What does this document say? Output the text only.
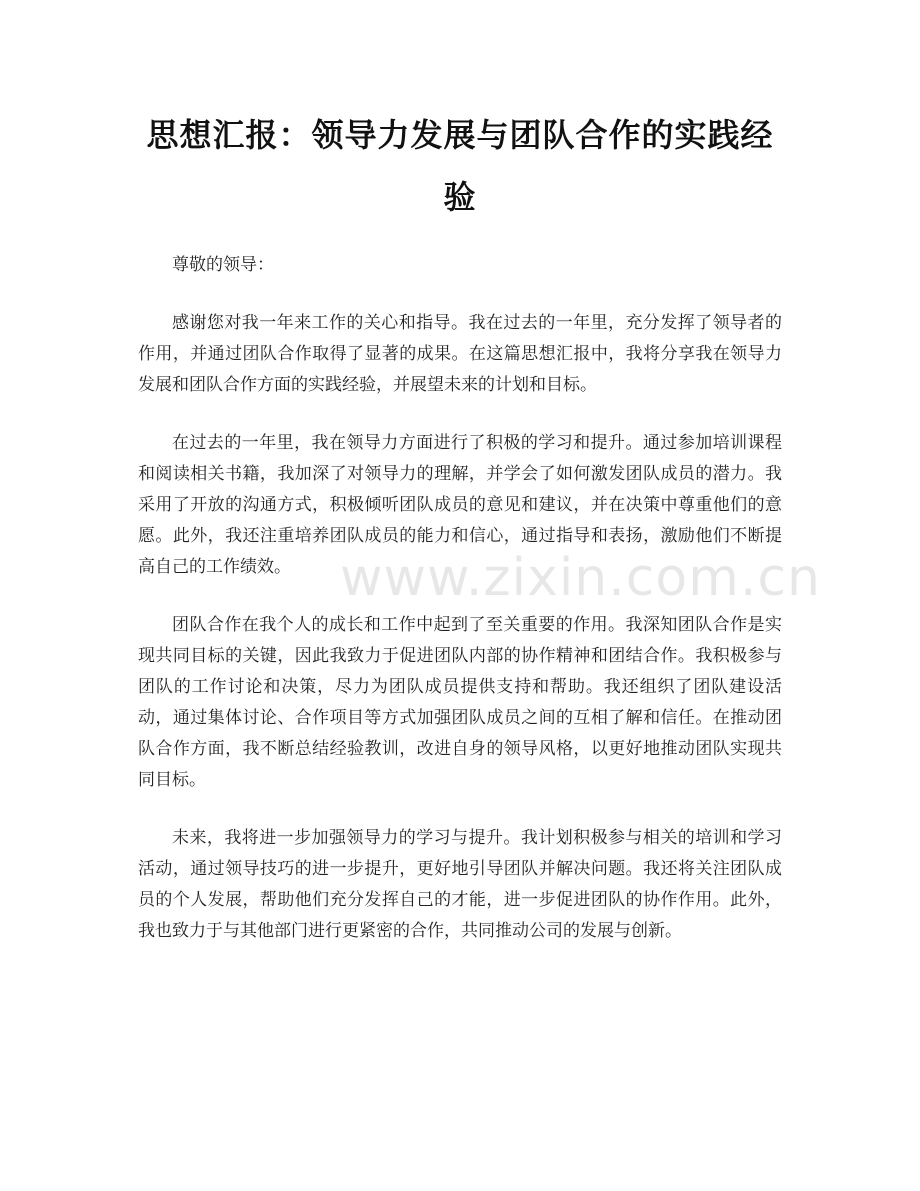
思想汇报：领导力发展与团队合作的实践经验

尊敬的领导：

感谢您对我一年来工作的关心和指导。我在过去的一年里，充分发挥了领导者的作用，并通过团队合作取得了显著的成果。在这篇思想汇报中，我将分享我在领导力发展和团队合作方面的实践经验，并展望未来的计划和目标。

在过去的一年里，我在领导力方面进行了积极的学习和提升。通过参加培训课程和阅读相关书籍，我加深了对领导力的理解，并学会了如何激发团队成员的潜力。我采用了开放的沟通方式，积极倾听团队成员的意见和建议，并在决策中尊重他们的意愿。此外，我还注重培养团队成员的能力和信心，通过指导和表扬，激励他们不断提高自己的工作绩效。

团队合作在我个人的成长和工作中起到了至关重要的作用。我深知团队合作是实现共同目标的关键，因此我致力于促进团队内部的协作精神和团结合作。我积极参与团队的工作讨论和决策，尽力为团队成员提供支持和帮助。我还组织了团队建设活动，通过集体讨论、合作项目等方式加强团队成员之间的互相了解和信任。在推动团队合作方面，我不断总结经验教训，改进自身的领导风格，以更好地推动团队实现共同目标。

未来，我将进一步加强领导力的学习与提升。我计划积极参与相关的培训和学习活动，通过领导技巧的进一步提升，更好地引导团队并解决问题。我还将关注团队成员的个人发展，帮助他们充分发挥自己的才能，进一步促进团队的协作作用。此外，我也致力于与其他部门进行更紧密的合作，共同推动公司的发展与创新。

www.zixin.com.cn
